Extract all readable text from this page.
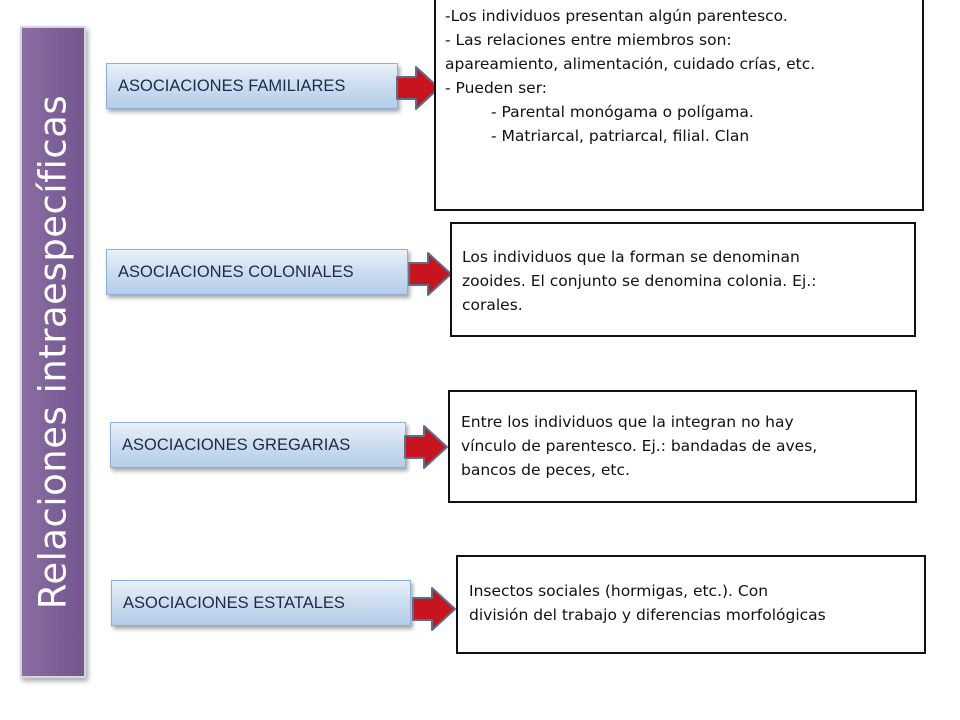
Relaciones intraespecíficas
ASOCIACIONES FAMILIARES
-Los individuos presentan algún parentesco.
- Las relaciones entre miembros son:
apareamiento, alimentación, cuidado crías, etc.
- Pueden ser:
- Parental monógama o polígama.
- Matriarcal, patriarcal, filial. Clan
ASOCIACIONES COLONIALES
Los individuos que la forman se denominan
zooides. El conjunto se denomina colonia. Ej.:
corales.
ASOCIACIONES GREGARIAS
Entre los individuos que la integran no hay
vínculo de parentesco. Ej.: bandadas de aves,
bancos de peces, etc.
ASOCIACIONES ESTATALES
Insectos sociales (hormigas, etc.). Con
división del trabajo y diferencias morfológicas
